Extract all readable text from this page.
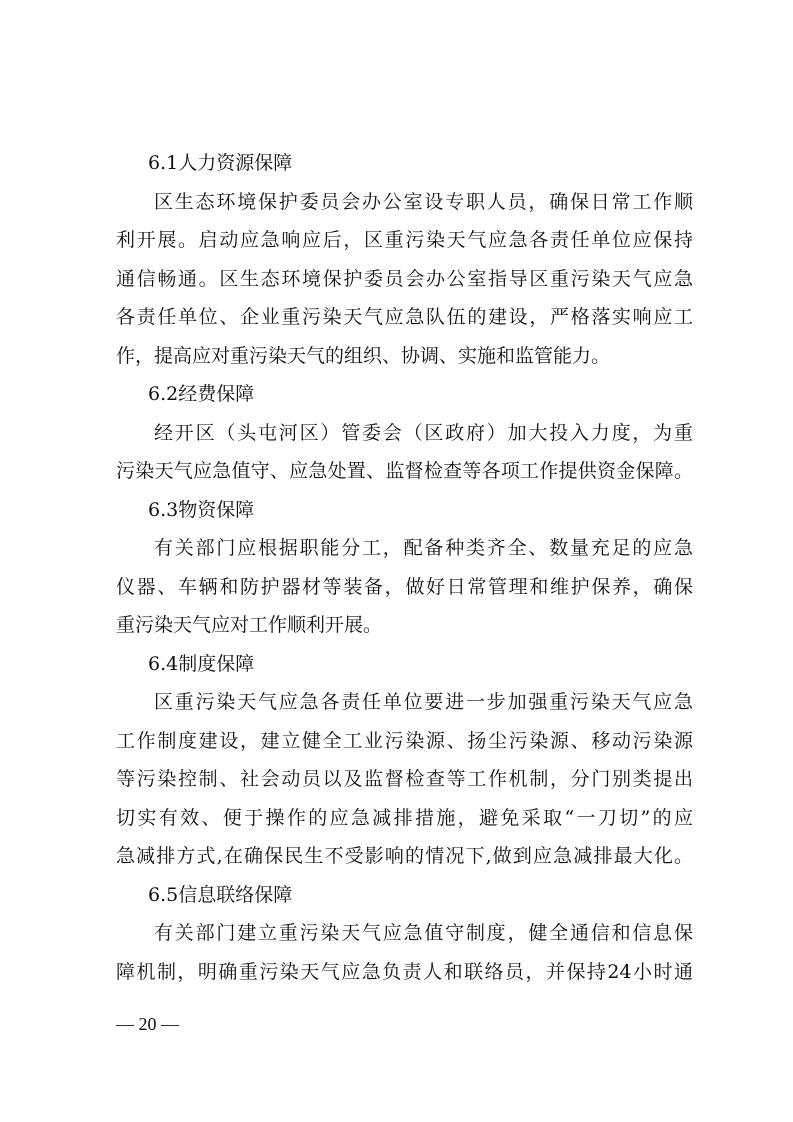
6.1人力资源保障
区生态环境保护委员会办公室设专职人员，确保日常工作顺
利开展。启动应急响应后，区重污染天气应急各责任单位应保持
通信畅通。区生态环境保护委员会办公室指导区重污染天气应急
各责任单位、企业重污染天气应急队伍的建设，严格落实响应工
作，提高应对重污染天气的组织、协调、实施和监管能力。
6.2经费保障
经开区（头屯河区）管委会（区政府）加大投入力度，为重
污染天气应急值守、应急处置、监督检查等各项工作提供资金保障。
6.3物资保障
有关部门应根据职能分工，配备种类齐全、数量充足的应急
仪器、车辆和防护器材等装备，做好日常管理和维护保养，确保
重污染天气应对工作顺利开展。
6.4制度保障
区重污染天气应急各责任单位要进一步加强重污染天气应急
工作制度建设，建立健全工业污染源、扬尘污染源、移动污染源
等污染控制、社会动员以及监督检查等工作机制，分门别类提出
切实有效、便于操作的应急减排措施，避免采取“一刀切”的应
急减排方式,在确保民生不受影响的情况下,做到应急减排最大化。
6.5信息联络保障
有关部门建立重污染天气应急值守制度，健全通信和信息保
障机制，明确重污染天气应急负责人和联络员，并保持24小时通
— 20 —
